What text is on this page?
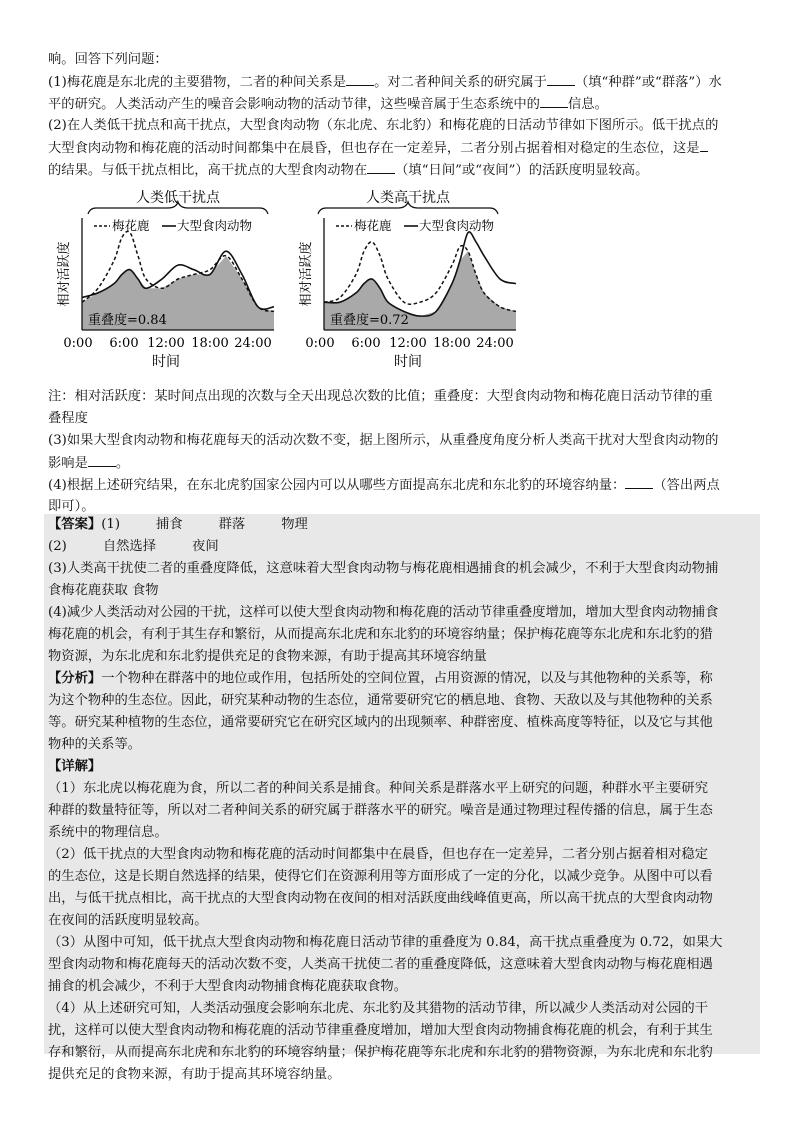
响。回答下列问题：

(1)梅花鹿是东北虎的主要猎物，二者的种间关系是 。对二者种间关系的研究属于 （填“种群”或“群落”）水

平的研究。人类活动产生的噪音会影响动物的活动节律，这些噪音属于生态系统中的 信息。

(2)在人类低干扰点和高干扰点，大型食肉动物（东北虎、东北豹）和梅花鹿的日活动节律如下图所示。低干扰点的

大型食肉动物和梅花鹿的活动时间都集中在晨昏，但也存在一定差异，二者分别占据着相对稳定的生态位，这是

的结果。与低干扰点相比，高干扰点的大型食肉动物在 （填“日间”或“夜间”）的活跃度明显较高。

人类低干扰点
梅花鹿 大型食肉动物
相对活跃度
重叠度=0.84
0:00 6:00 12:00 18:00 24:00
时间
人类高干扰点
梅花鹿 大型食肉动物
相对活跃度
重叠度=0.72
0:00 6:00 12:00 18:00 24:00
时间

注：相对活跃度：某时间点出现的次数与全天出现总次数的比值；重叠度：大型食肉动物和梅花鹿日活动节律的重

叠程度

(3)如果大型食肉动物和梅花鹿每天的活动次数不变，据上图所示，从重叠度角度分析人类高干扰对大型食肉动物的

影响是 。

(4)根据上述研究结果，在东北虎豹国家公园内可以从哪些方面提高东北虎和东北豹的环境容纳量： （答出两点

即可）。

【答案】(1)	捕食	群落	物理

(2)	自然选择	夜间

(3)人类高干扰使二者的重叠度降低，这意味着大型食肉动物与梅花鹿相遇捕食的机会减少，不利于大型食肉动物捕

食梅花鹿获取 食物

(4)减少人类活动对公园的干扰，这样可以使大型食肉动物和梅花鹿的活动节律重叠度增加，增加大型食肉动物捕食

梅花鹿的机会，有利于其生存和繁衍，从而提高东北虎和东北豹的环境容纳量；保护梅花鹿等东北虎和东北豹的猎

物资源，为东北虎和东北豹提供充足的食物来源，有助于提高其环境容纳量

【分析】一个物种在群落中的地位或作用，包括所处的空间位置，占用资源的情况，以及与其他物种的关系等，称

为这个物种的生态位。因此，研究某种动物的生态位，通常要研究它的栖息地、食物、天敌以及与其他物种的关系

等。研究某种植物的生态位，通常要研究它在研究区域内的出现频率、种群密度、植株高度等特征，以及它与其他

物种的关系等。

【详解】

（1）东北虎以梅花鹿为食，所以二者的种间关系是捕食。种间关系是群落水平上研究的问题，种群水平主要研究

种群的数量特征等，所以对二者种间关系的研究属于群落水平的研究。噪音是通过物理过程传播的信息，属于生态

系统中的物理信息。

（2）低干扰点的大型食肉动物和梅花鹿的活动时间都集中在晨昏，但也存在一定差异，二者分别占据着相对稳定

的生态位，这是长期自然选择的结果，使得它们在资源利用等方面形成了一定的分化，以减少竞争。从图中可以看

出，与低干扰点相比，高干扰点的大型食肉动物在夜间的相对活跃度曲线峰值更高，所以高干扰点的大型食肉动物

在夜间的活跃度明显较高。

（3）从图中可知，低干扰点大型食肉动物和梅花鹿日活动节律的重叠度为 0.84，高干扰点重叠度为 0.72，如果大

型食肉动物和梅花鹿每天的活动次数不变，人类高干扰使二者的重叠度降低，这意味着大型食肉动物与梅花鹿相遇

捕食的机会减少，不利于大型食肉动物捕食梅花鹿获取食物。

（4）从上述研究可知，人类活动强度会影响东北虎、东北豹及其猎物的活动节律，所以减少人类活动对公园的干

扰，这样可以使大型食肉动物和梅花鹿的活动节律重叠度增加，增加大型食肉动物捕食梅花鹿的机会，有利于其生

存和繁衍，从而提高东北虎和东北豹的环境容纳量；保护梅花鹿等东北虎和东北豹的猎物资源，为东北虎和东北豹

提供充足的食物来源，有助于提高其环境容纳量。
